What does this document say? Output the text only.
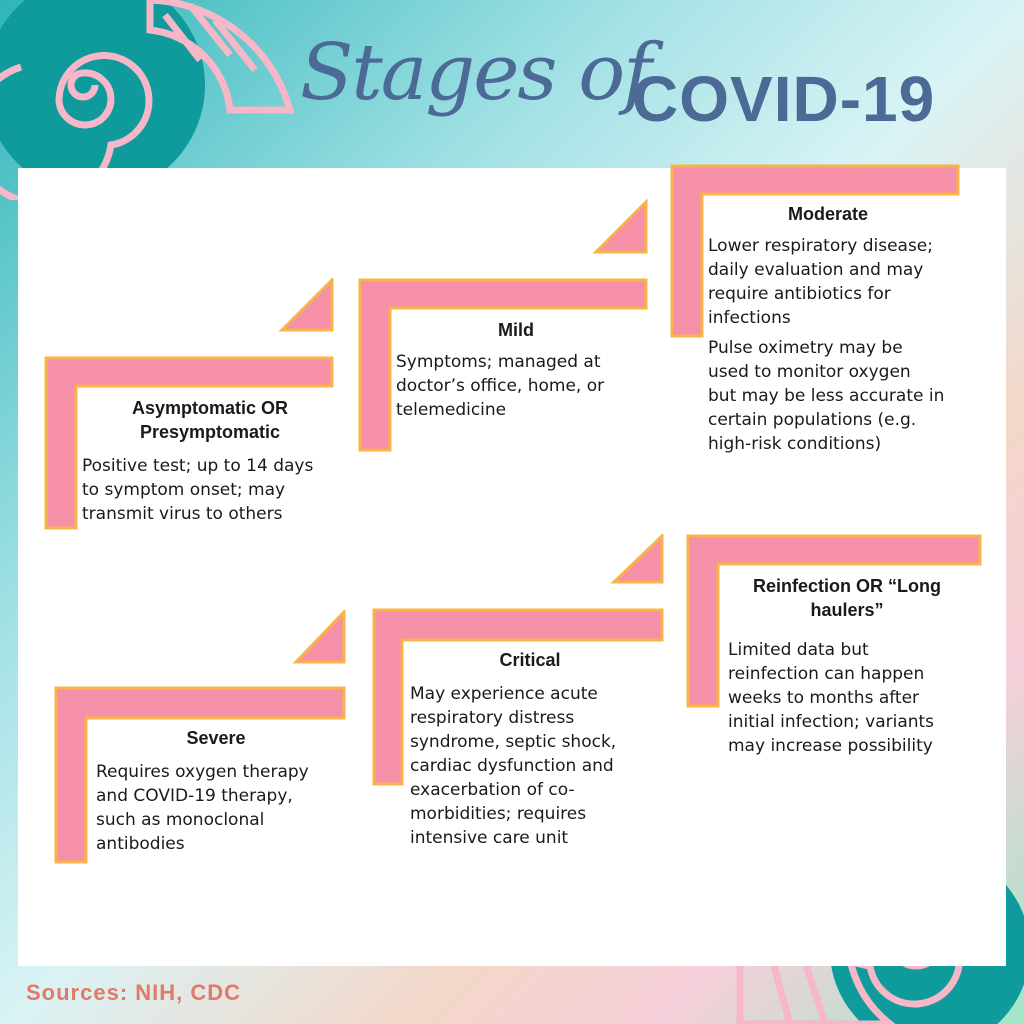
Stages of
COVID-19
Asymptomatic OR
Presymptomatic
Positive test; up to 14 days
to symptom onset; may
transmit virus to others
Mild
Symptoms; managed at
doctor’s office, home, or
telemedicine
Moderate
Lower respiratory disease;
daily evaluation and may
require antibiotics for
infections
Pulse oximetry may be
used to monitor oxygen
but may be less accurate in
certain populations (e.g.
high-risk conditions)
Severe
Requires oxygen therapy
and COVID-19 therapy,
such as monoclonal
antibodies
Critical
May experience acute
respiratory distress
syndrome, septic shock,
cardiac dysfunction and
exacerbation of co-
morbidities; requires
intensive care unit
Reinfection OR “Long
haulers”
Limited data but
reinfection can happen
weeks to months after
initial infection; variants
may increase possibility
Sources: NIH, CDC
